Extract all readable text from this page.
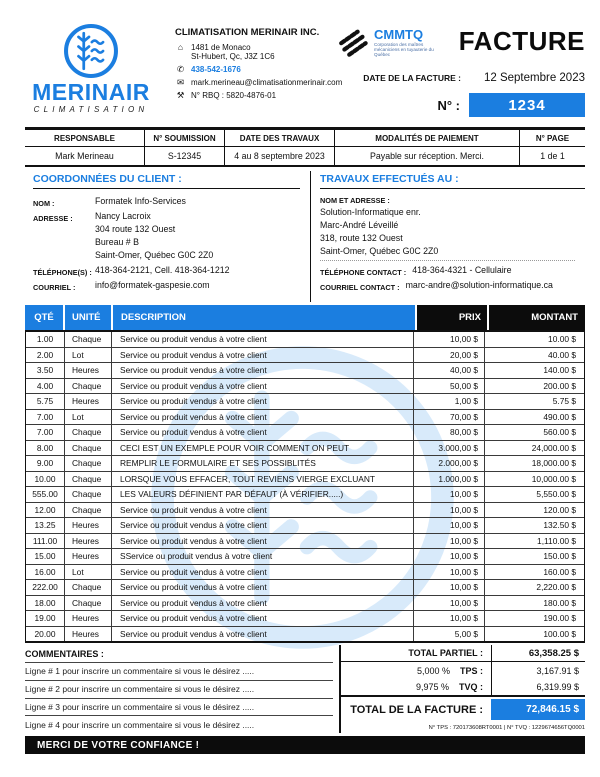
MERINAIR
CLIMATISATION
CLIMATISATION MERINAIR INC.
⌂ 1481 de Monaco
St-Hubert, Qc, J3Z 1C6
✆ 438-542-1676
✉ mark.merineau@climatisationmerinair.com
⚒ N° RBQ : 5820-4876-01
CMMTQ
Corporation des maîtres mécaniciens en tuyauterie du Québec	FACTURE
DATE DE LA FACTURE :	12 Septembre 2023
N° :	1234
RESPONSABLE	N° SOUMISSION	DATE DES TRAVAUX	MODALITÉS DE PAIEMENT	N° PAGE
Mark Merineau	S-12345	4 au 8 septembre 2023	Payable sur réception. Merci.	1 de 1
COORDONNÉES DU CLIENT :
NOM :	Formatek Info-Services
ADRESSE :	Nancy Lacroix
304 route 132 Ouest
Bureau # B
Saint-Omer, Québec G0C 2Z0
TÉLÉPHONE(S) : 418-364-2121, Cell. 418-364-1212
COURRIEL :	info@formatek-gaspesie.com
TRAVAUX EFFECTUÉS AU :
NOM ET ADRESSE :
Solution-Informatique enr.
Marc-André Léveillé
318, route 132 Ouest
Saint-Omer, Québec G0C 2Z0
TÉLÉPHONE CONTACT : 418-364-4321 - Cellulaire
COURRIEL CONTACT : marc-andre@solution-informatique.ca
QTÉ	UNITÉ	DESCRIPTION	PRIX	MONTANT
1.00	Chaque	Service ou produit vendus à votre client	10,00 $	10.00 $
2.00	Lot	Service ou produit vendus à votre client	20,00 $	40.00 $
3.50	Heures	Service ou produit vendus à votre client	40,00 $	140.00 $
4.00	Chaque	Service ou produit vendus à votre client	50,00 $	200.00 $
5.75	Heures	Service ou produit vendus à votre client	1,00 $	5.75 $
7.00	Lot	Service ou produit vendus à votre client	70,00 $	490.00 $
7.00	Chaque	Service ou produit vendus à votre client	80,00 $	560.00 $
8.00	Chaque	CECI EST UN EXEMPLE POUR VOIR COMMENT ON PEUT	3.000,00 $	24,000.00 $
9.00	Chaque	REMPLIR LE FORMULAIRE ET SES POSSIBLITÉS	2.000,00 $	18,000.00 $
10.00	Chaque	LORSQUE VOUS EFFACER, TOUT REVIENS VIERGE EXCLUANT	1.000,00 $	10,000.00 $
555.00	Chaque	LES VALEURS DÉFINIENT PAR DÉFAUT (À VÉRIFIER.....)	10,00 $	5,550.00 $
12.00	Chaque	Service ou produit vendus à votre client	10,00 $	120.00 $
13.25	Heures	Service ou produit vendus à votre client	10,00 $	132.50 $
111.00	Heures	Service ou produit vendus à votre client	10,00 $	1,110.00 $
15.00	Heures	SService ou produit vendus à votre client	10,00 $	150.00 $
16.00	Lot	Service ou produit vendus à votre client	10,00 $	160.00 $
222.00	Chaque	Service ou produit vendus à votre client	10,00 $	2,220.00 $
18.00	Chaque	Service ou produit vendus à votre client	10,00 $	180.00 $
19.00	Heures	Service ou produit vendus à votre client	10,00 $	190.00 $
20.00	Heures	Service ou produit vendus à votre client	5,00 $	100.00 $
COMMENTAIRES :
Ligne # 1 pour inscrire un commentaire si vous le désirez .....
Ligne # 2 pour inscrire un commentaire si vous le désirez .....
Ligne # 3 pour inscrire un commentaire si vous le désirez .....
Ligne # 4 pour inscrire un commentaire si vous le désirez .....
TOTAL PARTIEL :	63,358.25 $
5,000 % TPS :	3,167.91 $
9,975 % TVQ :	6,319.99 $
TOTAL DE LA FACTURE :	72,846.15 $
N° TPS : 720173608RT0001 | N° TVQ : 1229674656TQ0001
MERCI DE VOTRE CONFIANCE !
